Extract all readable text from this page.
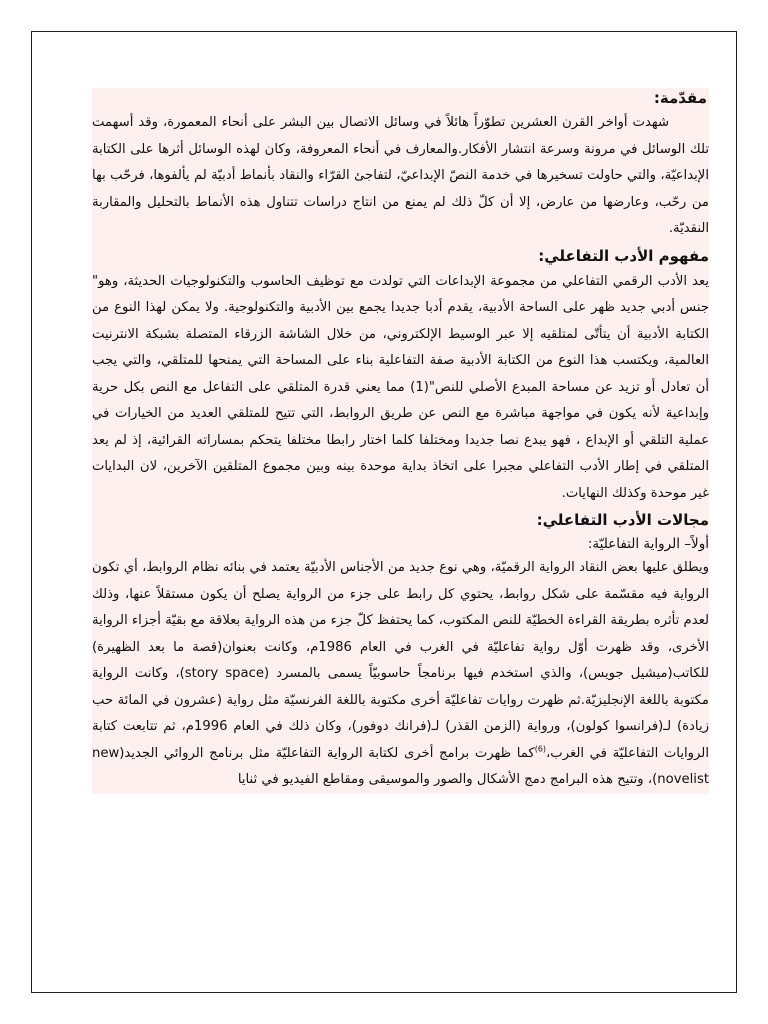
مقدّمة:

شهدت أواخر القرن العشرين تطوّراً هائلاً في وسائل الاتصال بين البشر على أنحاء المعمورة، وقد أسهمت تلك الوسائل في مرونة وسرعة انتشار الأفكار.والمعارف في أنحاء المعروفة، وكان لهذه الوسائل أثرها على الكتابة الإبداعيّة، والتي حاولت تسخيرها في خدمة النصّ الإبداعيّ، لتفاجئ القرّاء والنقاد بأنماط أدبيّة لم يألفوها، فرحّب بها من رحّب، وعارضها من عارض، إلا أن كلّ ذلك لم يمنع من انتاج دراسات تتناول هذه الأنماط بالتحليل والمقاربة النقديّة.

مفهوم الأدب التفاعلي:

يعد الأدب الرقمي التفاعلي من مجموعة الإبداعات التي تولدت مع توظيف الحاسوب والتكنولوجيات الحديثة، وهو" جنس أدبي جديد ظهر على الساحة الأدبية، يقدم أدبا جديدا يجمع بين الأدبية والتكنولوجية. ولا يمكن لهذا النوع من الكتابة الأدبية أن يتأتّى لمتلقيه إلا عبر الوسيط الإلكتروني، من خلال الشاشة الزرقاء المتصلة بشبكة الانترنيت العالمية، ويكتسب هذا النوع من الكتابة الأدبية صفة التفاعلية بناء على المساحة التي يمنحها للمتلقي، والتي يجب أن تعادل أو تزيد عن مساحة المبدع الأصلي للنص"(1) مما يعني قدرة المتلقي على التفاعل مع النص بكل حرية وإبداعية لأنه يكون في مواجهة مباشرة مع النص عن طريق الروابط، التي تتيح للمتلقي العديد من الخيارات في عملية التلقي أو الإبداع ، فهو يبدع نصا جديدا ومختلفا كلما اختار رابطا مختلفا يتحكم بمساراته القرائية، إذ لم يعد المتلقي في إطار الأدب التفاعلي مجبرا على اتخاذ بداية موحدة بينه وبين مجموع المتلقين الآخرين، لان البدايات غير موحدة وكذلك النهايات.

مجالات الأدب التفاعلي:
أولاً– الرواية التفاعليّة:

ويطلق عليها بعض النقاد الرواية الرقميّة، وهي نوع جديد من الأجناس الأدبيّة يعتمد في بنائه نظام الروابط، أي تكون الرواية فيه مقسّمة على شكل روابط، يحتوي كل رابط على جزء من الرواية يصلح أن يكون مستقلاً عنها، وذلك لعدم تأثره بطريقة القراءة الخطيّة للنص المكتوب، كما يحتفظ كلّ جزء من هذه الرواية بعلاقة مع بقيّة أجزاء الرواية الأخرى، وقد ظهرت أوّل رواية تفاعليّة في الغرب في العام 1986م، وكانت بعنوان(قصة ما بعد الظهيرة) للكاتب(ميشيل جويس)، والذي استخدم فيها برنامجاً حاسوبيّاً يسمى بالمسرد (story space)، وكانت الرواية مكتوبة باللغة الإنجليزيّة.ثم ظهرت روايات تفاعليّة أخرى مكتوبة باللغة الفرنسيّة مثل رواية (عشرون في المائة حب زيادة) لـ(فرانسوا كولون)، ورواية (الزمن القذر) لـ(فرانك دوفور)، وكان ذلك في العام 1996م، ثم تتابعت كتابة الروايات التفاعليّة في الغرب،$^{(6)}$كما ظهرت برامج أخرى لكتابة الرواية التفاعليّة مثل برنامج الروائي الجديد(new novelist)، وتتيح هذه البرامج دمج الأشكال والصور والموسيقى ومقاطع الفيديو في ثنايا
